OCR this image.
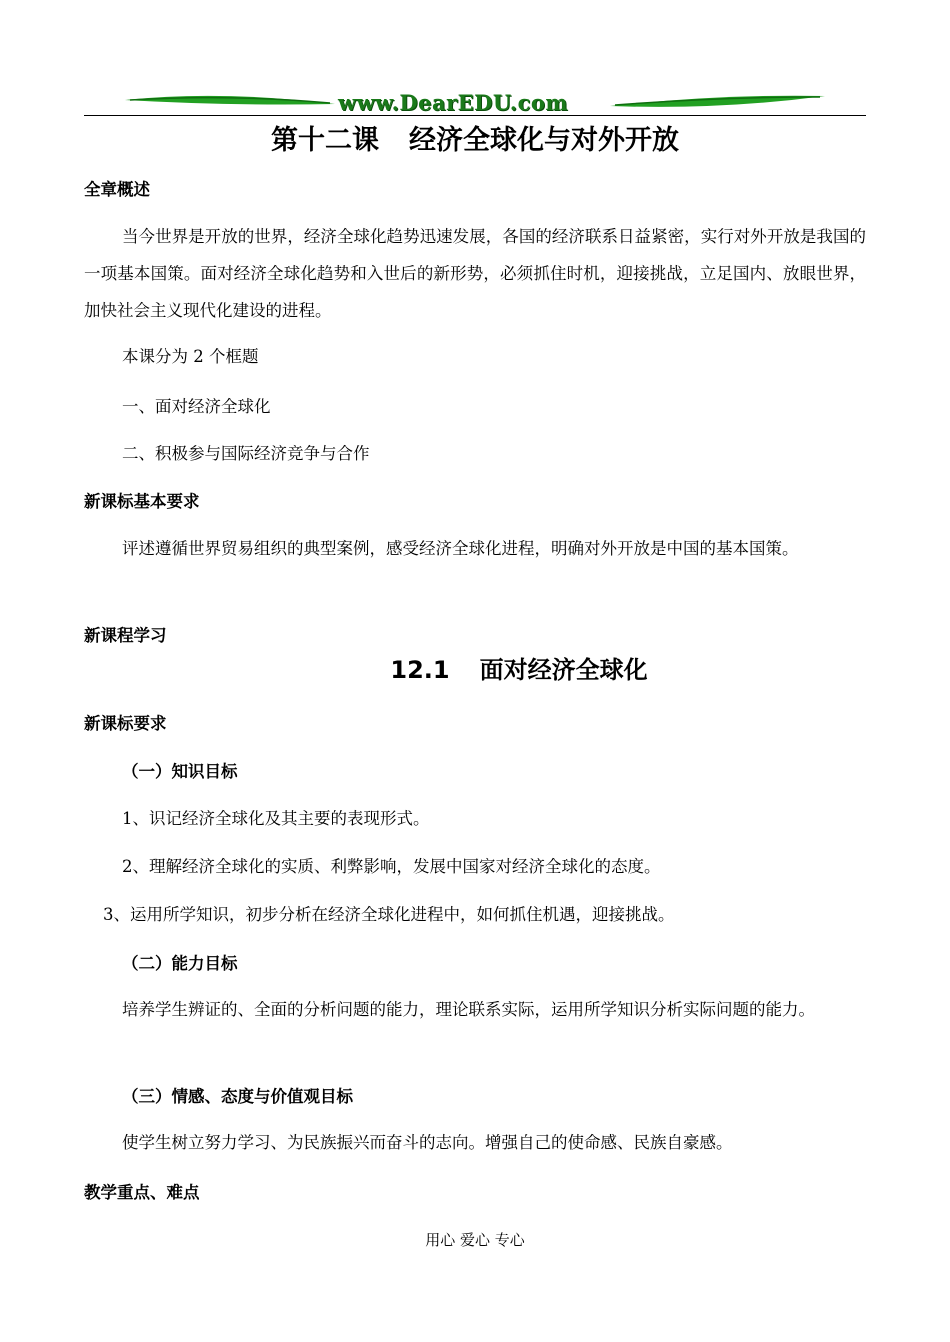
www.DearEDU.com
第十二课 经济全球化与对外开放
全章概述
当今世界是开放的世界，经济全球化趋势迅速发展，各国的经济联系日益紧密，实行对外开放是我国的一项基本国策。面对经济全球化趋势和入世后的新形势，必须抓住时机，迎接挑战，立足国内、放眼世界，加快社会主义现代化建设的进程。
本课分为 2 个框题
一、面对经济全球化
二、积极参与国际经济竞争与合作
新课标基本要求
评述遵循世界贸易组织的典型案例，感受经济全球化进程，明确对外开放是中国的基本国策。
新课程学习
12.1 面对经济全球化
新课标要求
（一）知识目标
1、识记经济全球化及其主要的表现形式。
2、理解经济全球化的实质、利弊影响，发展中国家对经济全球化的态度。
3、运用所学知识，初步分析在经济全球化进程中，如何抓住机遇，迎接挑战。
（二）能力目标
培养学生辨证的、全面的分析问题的能力，理论联系实际，运用所学知识分析实际问题的能力。
（三）情感、态度与价值观目标
使学生树立努力学习、为民族振兴而奋斗的志向。增强自己的使命感、民族自豪感。
教学重点、难点
用心 爱心 专心
